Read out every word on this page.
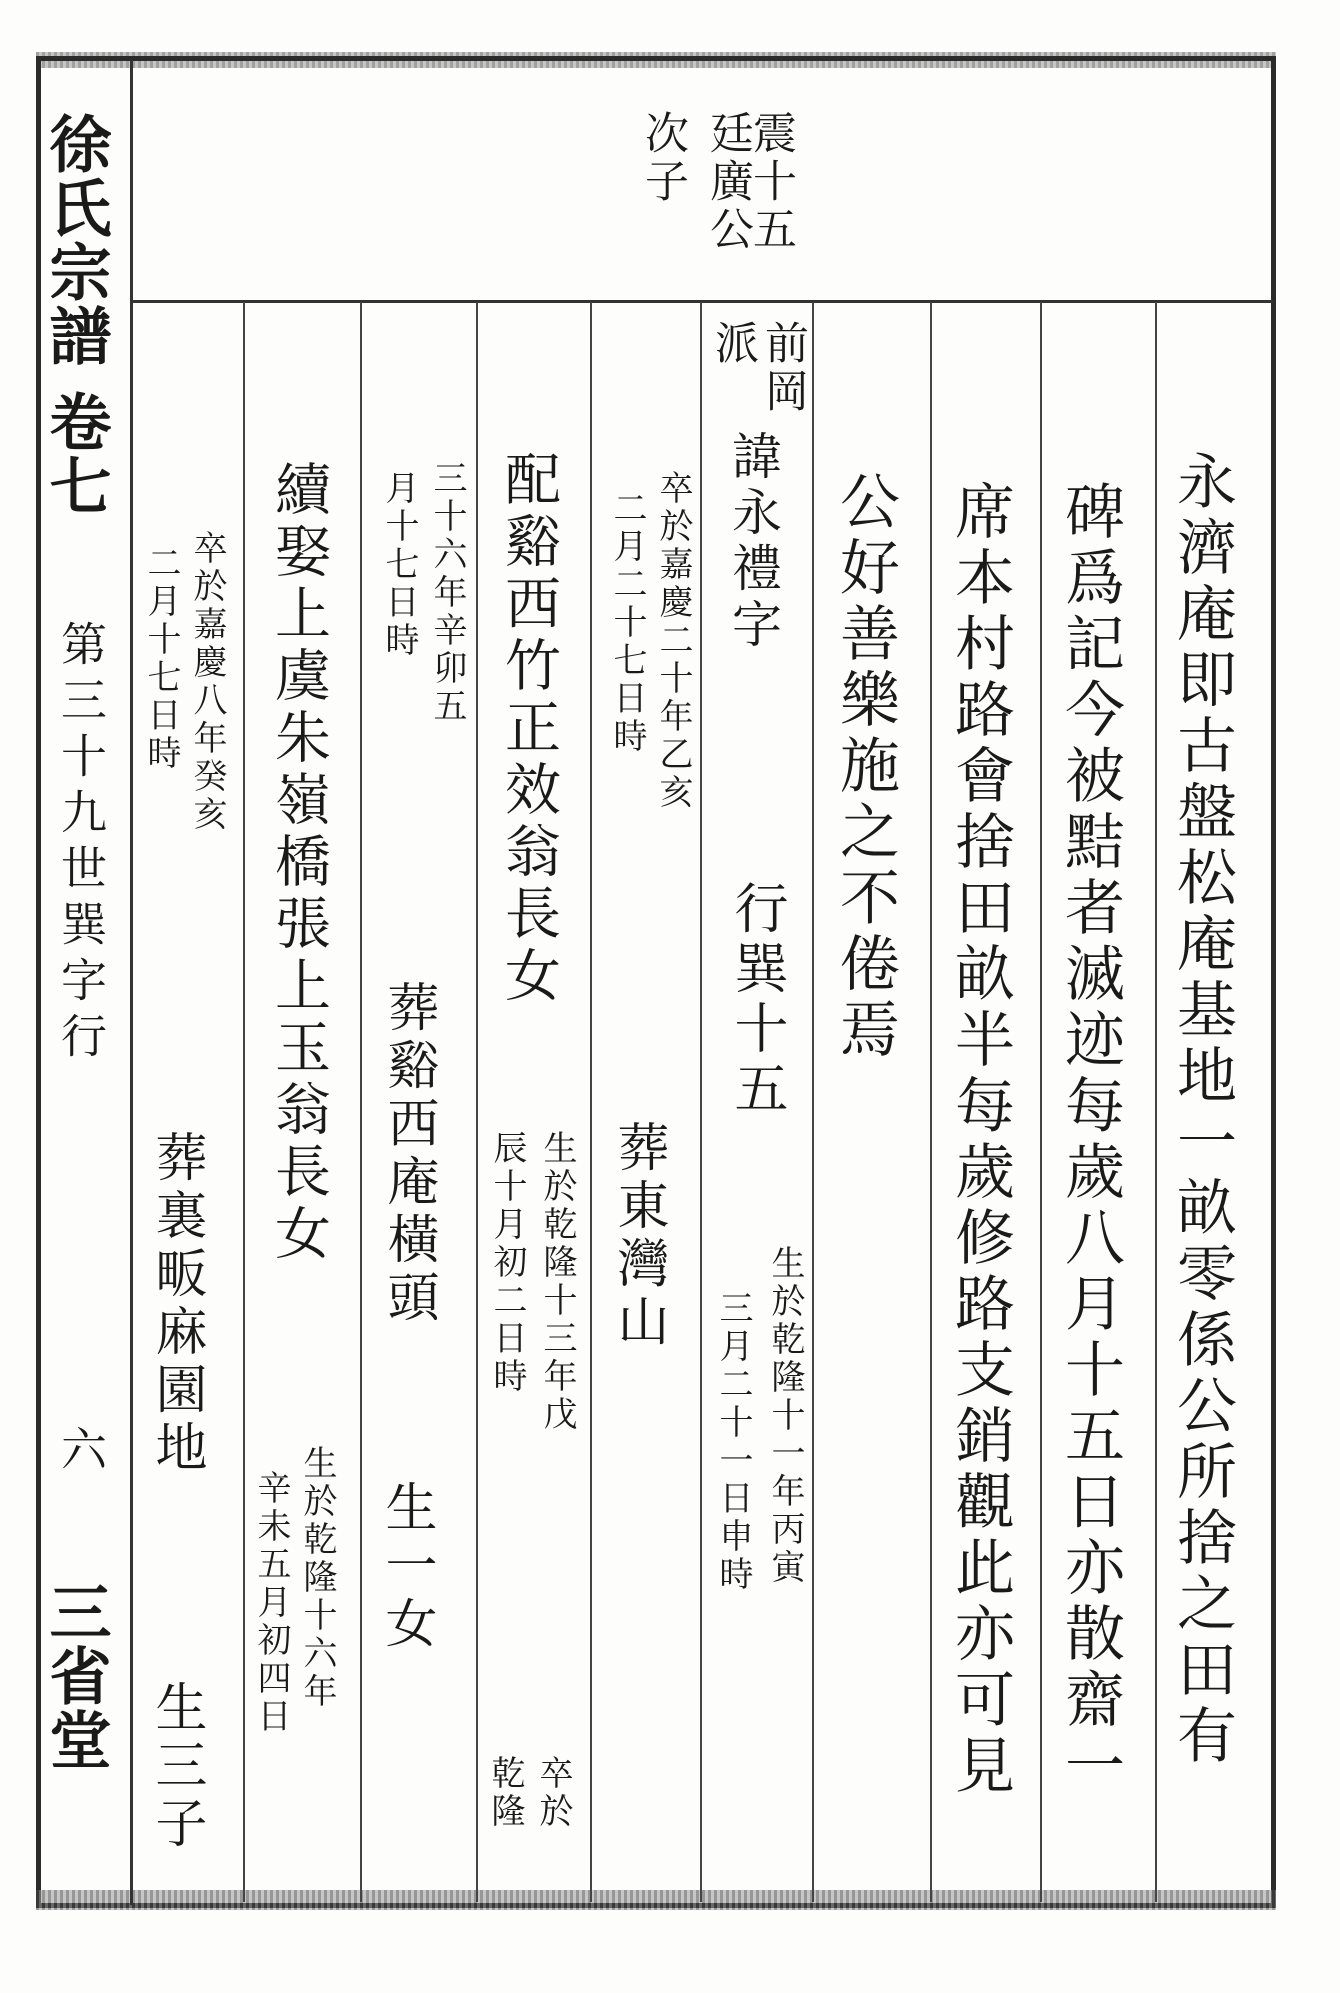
徐氏宗譜
卷七
第三十九世巽字行
六
三省堂
震十五
廷廣公
次子
永濟庵即古盤松庵基地一畝零係公所捨之田有
碑爲記今被黠者滅迹每歲八月十五日亦散齋一
席本村路會捨田畝半每歲修路支銷觀此亦可見
公好善樂施之不倦焉
前岡
派
諱永禮字
行巽十五
生於乾隆十一年丙寅
三月二十一日申時
卒於嘉慶二十年乙亥
二月二十七日時
葬東灣山
配谿西竹正效翁長女
生於乾隆十三年戊
辰十月初二日時
卒於
乾隆
三十六年辛卯五
月十七日時
葬谿西庵橫頭
生一女
續娶上虞朱嶺橋張上玉翁長女
生於乾隆十六年
辛未五月初四日
卒於嘉慶八年癸亥
二月十七日時
葬裏畈麻園地
生三子
